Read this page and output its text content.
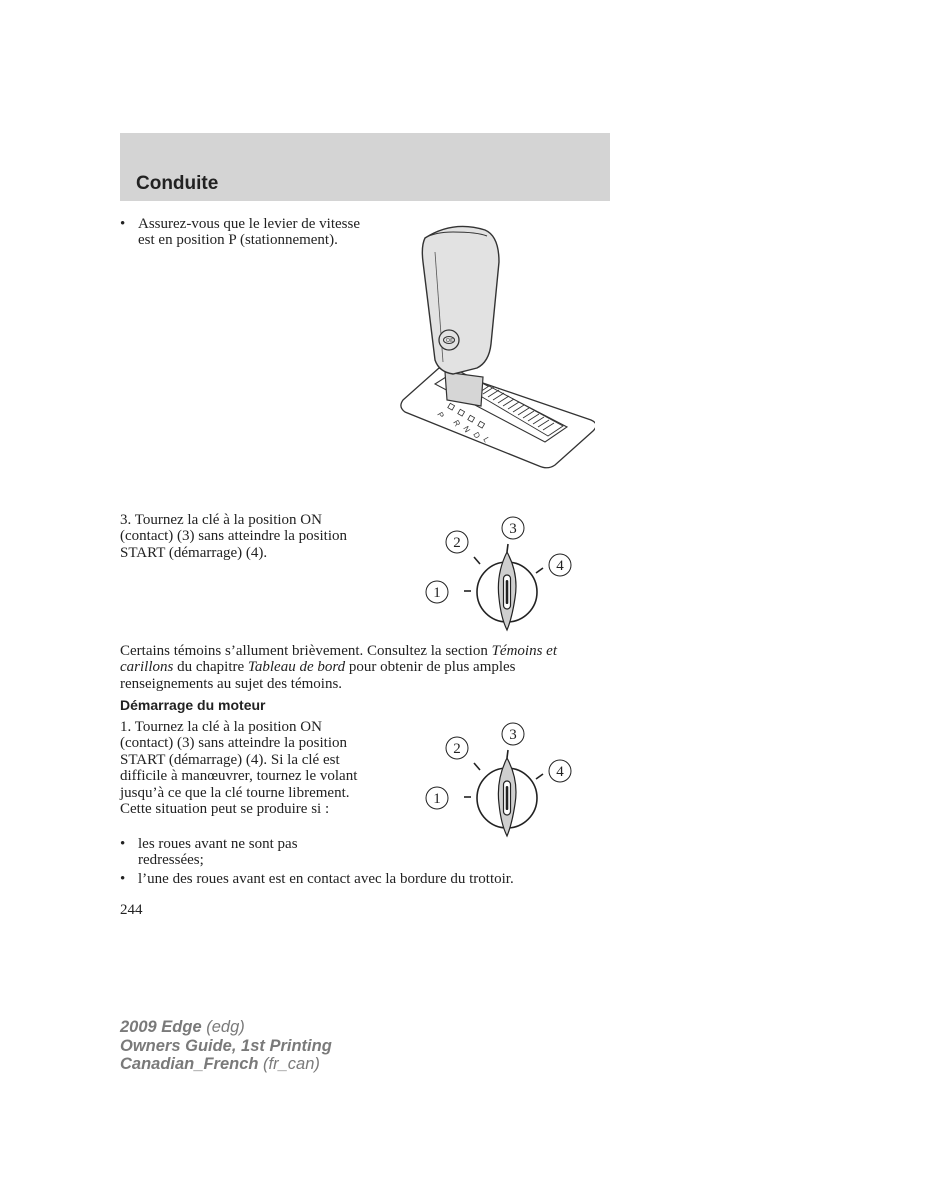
Conduite
• Assurez-vous que le levier de vitesse est en position P (stationnement).
P
R
N
D L
O/D
3. Tournez la clé à la position ON (contact) (3) sans atteindre la position START (démarrage) (4).
1
2
3
4
Certains témoins s’allument brièvement. Consultez la section Témoins et carillons du chapitre Tableau de bord pour obtenir de plus amples renseignements au sujet des témoins.
Démarrage du moteur
1. Tournez la clé à la position ON (contact) (3) sans atteindre la position START (démarrage) (4). Si la clé est difficile à manœuvrer, tournez le volant jusqu’à ce que la clé tourne librement. Cette situation peut se produire si :
1
2
3
4
• les roues avant ne sont pas redressées;
• l’une des roues avant est en contact avec la bordure du trottoir.
244
2009 Edge (edg)
Owners Guide, 1st Printing
Canadian_French (fr_can)
